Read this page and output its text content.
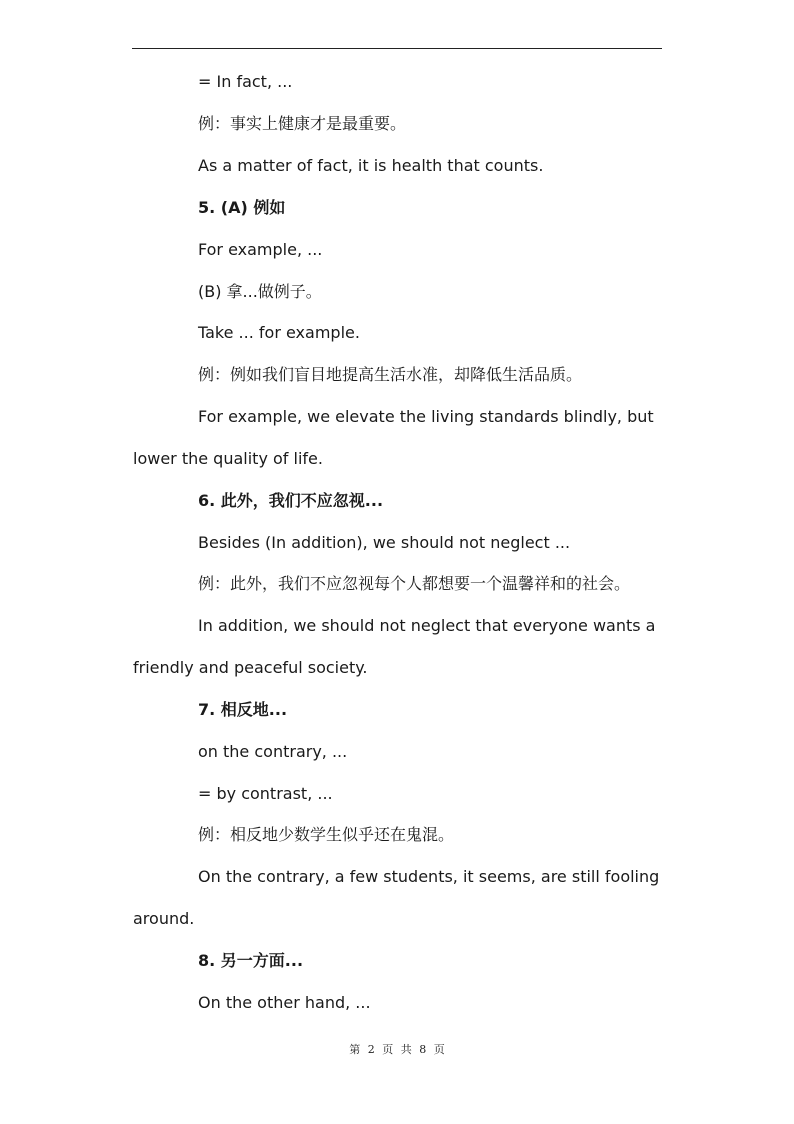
= In fact, ...
例：事实上健康才是最重要。
As a matter of fact, it is health that counts.
5. (A) 例如
For example, ...
(B) 拿...做例子。
Take ... for example.
例：例如我们盲目地提高生活水准，却降低生活品质。
For example, we elevate the living standards blindly, but
lower the quality of life.
6. 此外，我们不应忽视...
Besides (In addition), we should not neglect ...
例：此外，我们不应忽视每个人都想要一个温馨祥和的社会。
In addition, we should not neglect that everyone wants a
friendly and peaceful society.
7. 相反地...
on the contrary, ...
= by contrast, ...
例：相反地少数学生似乎还在鬼混。
On the contrary, a few students, it seems, are still fooling
around.
8. 另一方面...
On the other hand, ...
第 2 页 共 8 页
